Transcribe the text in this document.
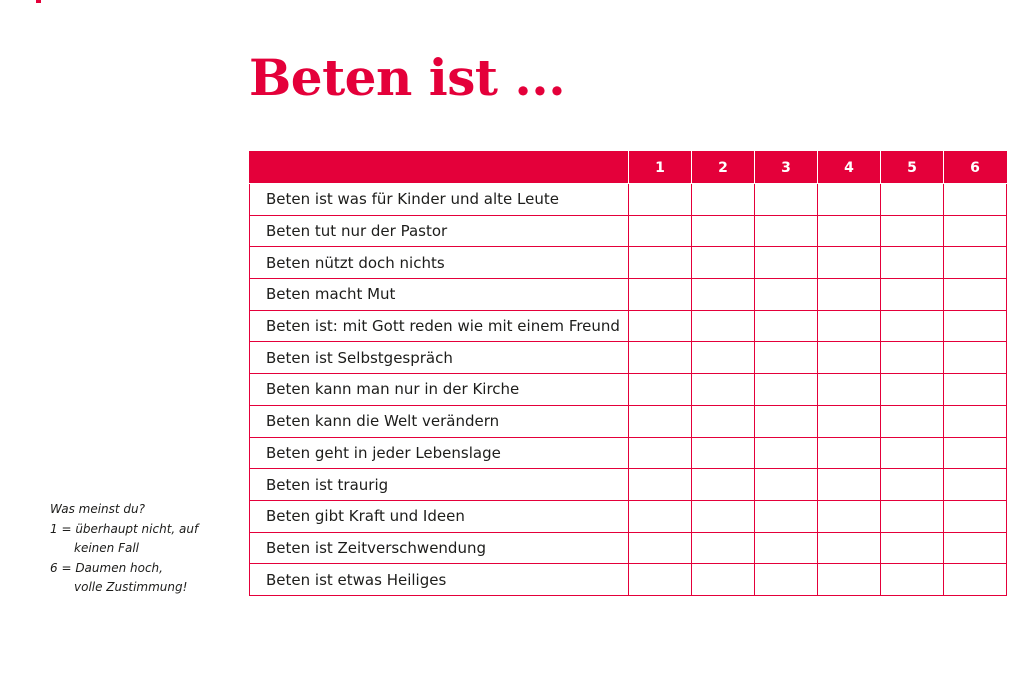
Beten ist ...
	1	2	3	4	5	6
Beten ist was für Kinder und alte Leute						
Beten tut nur der Pastor						
Beten nützt doch nichts						
Beten macht Mut						
Beten ist: mit Gott reden wie mit einem Freund						
Beten ist Selbstgespräch						
Beten kann man nur in der Kirche						
Beten kann die Welt verändern						
Beten geht in jeder Lebenslage						
Beten ist traurig						
Beten gibt Kraft und Ideen						
Beten ist Zeitverschwendung						
Beten ist etwas Heiliges						
Was meinst du?
1 = überhaupt nicht, auf
keinen Fall
6 = Daumen hoch,
volle Zustimmung!
